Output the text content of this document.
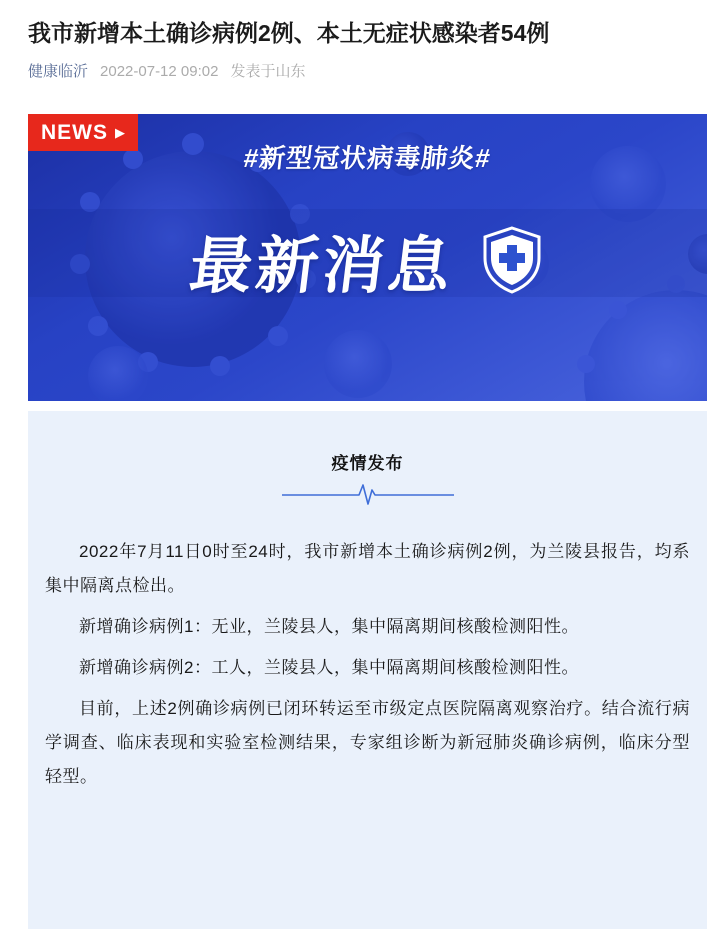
我市新增本土确诊病例2例、本土无症状感染者54例
健康临沂 2022-07-12 09:02 发表于山东
NEWS ▶
#新型冠状病毒肺炎#
最新消息
疫情发布

2022年7月11日0时至24时，我市新增本土确诊病例2例，为兰陵县报告，均系集中隔离点检出。

新增确诊病例1：无业，兰陵县人，集中隔离期间核酸检测阳性。

新增确诊病例2：工人，兰陵县人，集中隔离期间核酸检测阳性。

目前，上述2例确诊病例已闭环转运至市级定点医院隔离观察治疗。结合流行病学调查、临床表现和实验室检测结果，专家组诊断为新冠肺炎确诊病例，临床分型轻型。
